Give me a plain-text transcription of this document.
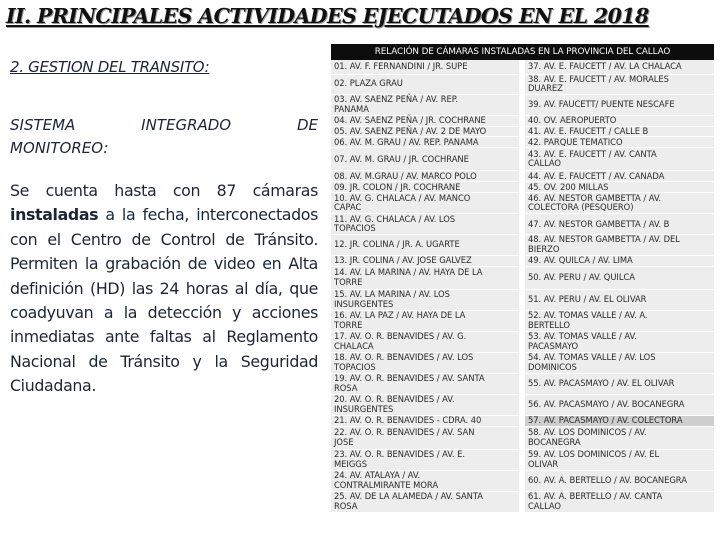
II. PRINCIPALES ACTIVIDADES EJECUTADOS EN EL 2018

2. GESTION DEL TRANSITO:

SISTEMA	INTEGRADO	DE
MONITOREO:

Se cuenta hasta con 87 cámaras instaladas a la fecha, interconectados con el Centro de Control de Tránsito. Permiten la grabación de video en Alta definición (HD) las 24 horas al día, que coadyuvan a la detección y acciones inmediatas ante faltas al Reglamento Nacional de Tránsito y la Seguridad Ciudadana.

RELACIÓN DE CÁMARAS INSTALADAS EN LA PROVINCIA DEL CALLAO
01. AV. F. FERNANDINI / JR. SUPE	37. AV. E. FAUCETT / AV. LA CHALACA

02. PLAZA GRAU	38. AV. E. FAUCETT / AV. MORALES
DUAREZ

03. AV. SAENZ PEÑA / AV. REP.
PANAMA	39. AV. FAUCETT/ PUENTE NESCAFE

04. AV. SAENZ PEÑA / JR. COCHRANE	40. OV. AEROPUERTO

05. AV. SAENZ PEÑA / AV. 2 DE MAYO	41. AV. E. FAUCETT / CALLE B

06. AV. M. GRAU / AV. REP. PANAMA	42. PARQUE TEMATICO

07. AV. M. GRAU / JR. COCHRANE	43. AV. E. FAUCETT / AV. CANTA
CALLAO

08. AV. M.GRAU / AV. MARCO POLO	44. AV. E. FAUCETT / AV. CANADA

09. JR. COLON / JR. COCHRANE	45. OV. 200 MILLAS

10. AV. G. CHALACA / AV. MANCO
CAPAC	46. AV. NESTOR GAMBETTA / AV.
COLECTORA (PESQUERO)

11. AV. G. CHALACA / AV. LOS
TOPACIOS	47. AV. NESTOR GAMBETTA / AV. B

12. JR. COLINA / JR. A. UGARTE	48. AV. NESTOR GAMBETTA / AV. DEL
BIERZO

13. JR. COLINA / AV. JOSE GALVEZ	49. AV. QUILCA / AV. LIMA

14. AV. LA MARINA / AV. HAYA DE LA
TORRE	50. AV. PERU / AV. QUILCA

15. AV. LA MARINA / AV. LOS
INSURGENTES	51. AV. PERU / AV. EL OLIVAR

16. AV. LA PAZ / AV. HAYA DE LA
TORRE	52. AV. TOMAS VALLE / AV. A.
BERTELLO

17. AV. O. R. BENAVIDES / AV. G.
CHALACA	53. AV. TOMAS VALLE / AV.
PACASMAYO

18. AV. O. R. BENAVIDES / AV. LOS
TOPACIOS	54. AV. TOMAS VALLE / AV. LOS
DOMINICOS

19. AV. O. R. BENAVIDES / AV. SANTA
ROSA	55. AV. PACASMAYO / AV. EL OLIVAR

20. AV. O. R. BENAVIDES / AV.
INSURGENTES	56. AV. PACASMAYO / AV. BOCANEGRA

21. AV. O. R. BENAVIDES - CDRA. 40	57. AV. PACASMAYO / AV. COLECTORA

22. AV. O. R. BENAVIDES / AV. SAN
JOSE	58. AV. LOS DOMINICOS / AV.
BOCANEGRA

23. AV. O. R. BENAVIDES / AV. E.
MEIGGS	59. AV. LOS DOMINICOS / AV. EL
OLIVAR

24. AV. ATALAYA / AV.
CONTRALMIRANTE MORA	60. AV. A. BERTELLO / AV. BOCANEGRA

25. AV. DE LA ALAMEDA / AV. SANTA
ROSA	61. AV. A. BERTELLO / AV. CANTA
CALLAO
